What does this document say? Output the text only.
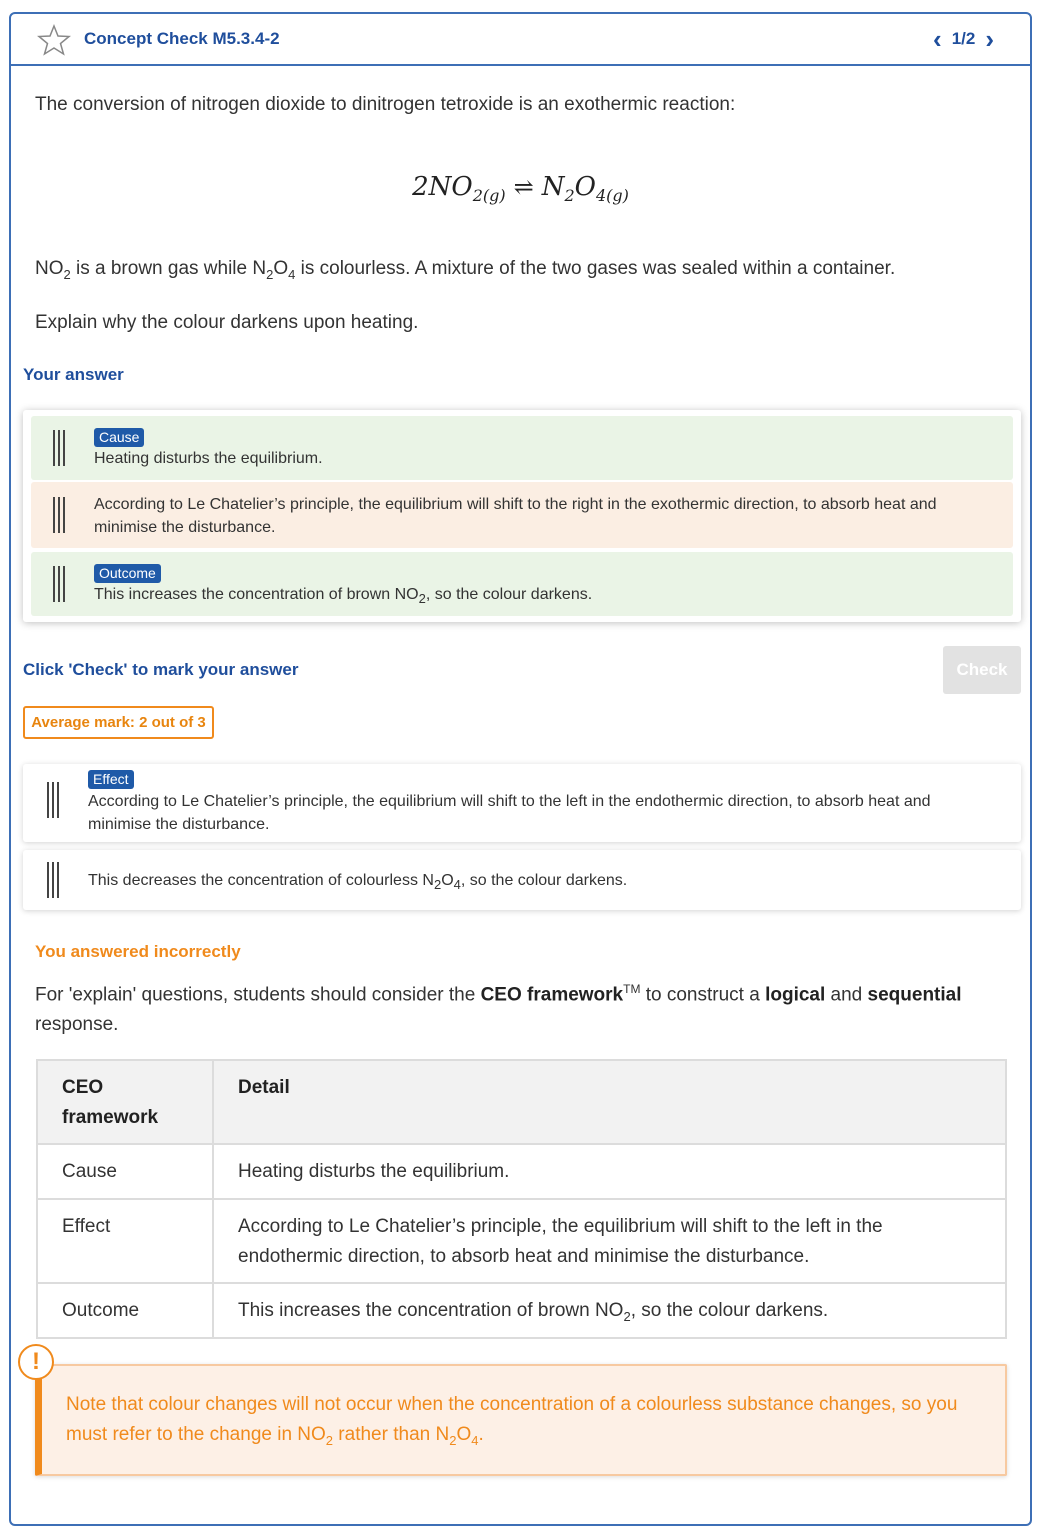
Concept Check M5.3.4-2	‹ 1/2 ›
The conversion of nitrogen dioxide to dinitrogen tetroxide is an exothermic reaction:
$2NO_{2(g)}$ ⇌ $N_2O_{4(g)}$
$NO_2$ is a brown gas while $N_2O_4$ is colourless. A mixture of the two gases was sealed within a container.
Explain why the colour darkens upon heating.
Your answer
Cause
Heating disturbs the equilibrium.
According to Le Chatelier’s principle, the equilibrium will shift to the right in the exothermic direction, to absorb heat and minimise the disturbance.
Outcome
This increases the concentration of brown $NO_2$, so the colour darkens.
Click 'Check' to mark your answer	Check
Average mark: 2 out of 3
Effect
According to Le Chatelier’s principle, the equilibrium will shift to the left in the endothermic direction, to absorb heat and minimise the disturbance.
This decreases the concentration of colourless $N_2O_4$, so the colour darkens.
You answered incorrectly
For 'explain' questions, students should consider the CEO framework™ to construct a logical and sequential response.
CEO framework	Detail
Cause	Heating disturbs the equilibrium.
Effect	According to Le Chatelier’s principle, the equilibrium will shift to the left in the endothermic direction, to absorb heat and minimise the disturbance.
Outcome	This increases the concentration of brown $NO_2$, so the colour darkens.
!
Note that colour changes will not occur when the concentration of a colourless substance changes, so you must refer to the change in $NO_2$ rather than $N_2O_4$.
